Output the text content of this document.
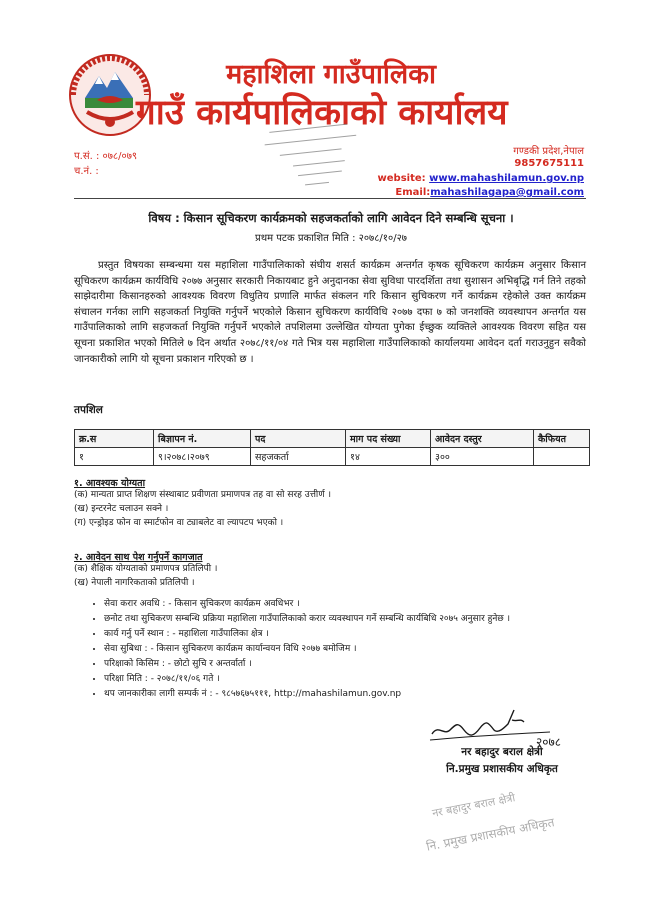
महाशिला गाउँपालिका
गाउँ कार्यपालिकाको कार्यालय
प.सं. : ०७८/०७९
च.नं. :
गण्डकी प्रदेश,नेपाल
9857675111
website: www.mahashilamun.gov.np
Email:mahashilagapa@gmail.com
विषय : किसान सूचिकरण कार्यक्रमको सहजकर्ताको लागि आवेदन दिने सम्बन्धि सूचना ।
प्रथम पटक प्रकाशित मिति : २०७८/१०/२७

प्रस्तुत विषयका सम्बन्धमा यस महाशिला गाउँपालिकाको संघीय शसर्त कार्यक्रम अन्तर्गत कृषक सूचिकरण कार्यक्रम अनुसार किसान सूचिकरण कार्यक्रम कार्यविधि २०७७ अनुसार सरकारी निकायबाट हुने अनुदानका सेवा सुविधा पारदर्शिता तथा सुशासन अभिबृद्धि गर्न तिने तहको साझेदारीमा किसानहरुको आवश्यक विवरण विधुतिय प्रणालि मार्फत संकलन गरि किसान सुचिकरण गर्ने कार्यक्रम रहेकोले उक्त कार्यक्रम संचालन गर्नका लागि सहजकर्ता नियुक्ति गर्नुपर्ने भएकोले किसान सुचिकरण कार्यविधि २०७७ दफा ७ को जनशक्ति व्यवस्थापन अन्तर्गत यस गाउँपालिकाको लागि सहजकर्ता नियुक्ति गर्नुपर्ने भएकोले तपशिलमा उल्लेखित योग्यता पुगेका ईच्छुक व्यक्तिले आवश्यक विवरण सहित यस सूचना प्रकाशित भएको मितिले ७ दिन अर्थात २०७८/११/०४ गते भित्र यस महाशिला गाउँपालिकाको कार्यालयमा आवेदन दर्ता गराउनुहुन सवैको जानकारीको लागि यो सूचना प्रकाशन गरिएको छ ।

तपशिल
क्र.स	बिज्ञापन नं.	पद	माग पद संख्या	आवेदन दस्तुर	कैफियत
१	९।२०७८।२०७९	सहजकर्ता	१४	३००	
१. आवश्यक योग्यता
(क) मान्यता प्राप्त शिक्षण संस्थाबाट प्रवीणता प्रमाणपत्र तह वा सो सरह उत्तीर्ण ।
(ख) इन्टरनेट चलाउन सक्ने ।
(ग) एन्ड्रोइड फोन वा स्मार्टफोन वा ट्याबलेट वा ल्यापटप भएको ।
२. आवेदन साथ पेश गर्नुपर्ने कागजात
(क) शैक्षिक योग्यताको प्रमाणपत्र प्रतिलिपी ।
(ख) नेपाली नागरिकताको प्रतिलिपी ।
• सेवा करार अवधि : - किसान सुचिकरण कार्यक्रम अवधिभर ।
• छनोट तथा सुचिकरण सम्बन्धि प्रक्रिया महाशिला गाउँपालिकाको करार व्यवस्थापन गर्ने सम्बन्धि कार्यबिधि २०७५ अनुसार हुनेछ ।
• कार्य गर्नु पर्ने स्थान : - महाशिला गाउँपालिका क्षेत्र ।
• सेवा सुबिधा : - किसान सुचिकरण कार्यक्रम कार्यान्वयन विधि २०७७ बमोजिम ।
• परिक्षाको किसिम : - छोटो सुचि र अन्तर्वार्ता ।
• परिक्षा मिति : - २०७८/११/०६ गते ।
• थप जानकारीका लागी सम्पर्क नं : - ९८५७६७५१११, http://mahashilamun.gov.np
२०७८
नर बहादुर बराल क्षेत्री
नि.प्रमुख प्रशासकीय अधिकृत
नर बहादुर बराल क्षेत्री
नि. प्रमुख प्रशासकीय अधिकृत
